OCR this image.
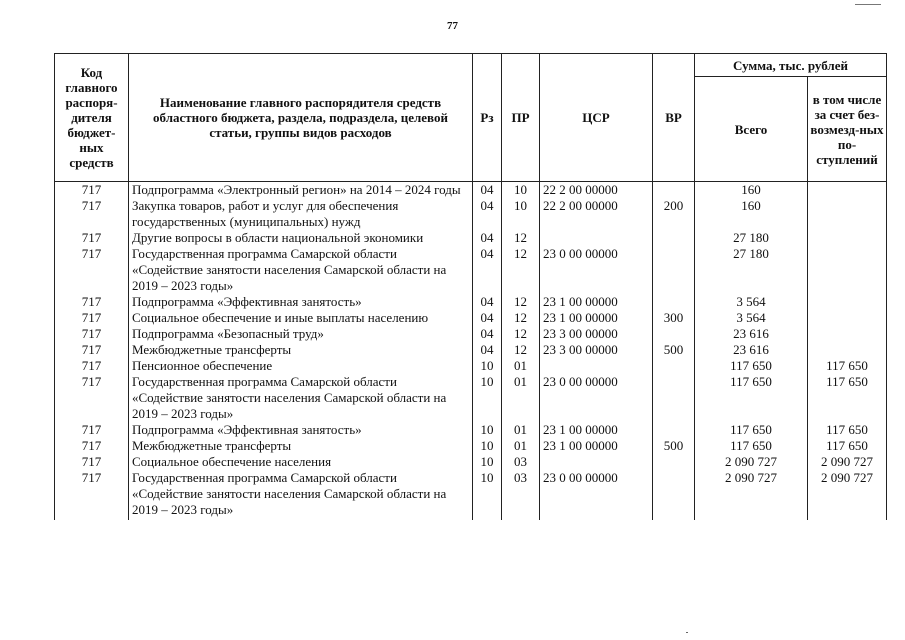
77
Код главного распоря-дителя бюджет-ных средств	Наименование главного распорядителя средств областного бюджета, раздела, подраздела, целевой статьи, группы видов расходов	Рз	ПР	ЦСР	ВР	Сумма, тыс. рублей	
						Всего	в том числе за счет без-возмезд-ных по-ступлений
717	Подпрограмма «Электронный регион» на 2014 – 2024 годы	04	10	22 2 00 00000		160	
717	Закупка товаров, работ и услуг для обеспечения государственных (муниципальных) нужд	04	10	22 2 00 00000	200	160	
717	Другие вопросы в области национальной экономики	04	12			27 180	
717	Государственная программа Самарской области «Содействие занятости населения Самарской области на 2019 – 2023 годы»	04	12	23 0 00 00000		27 180	
717	Подпрограмма «Эффективная занятость»	04	12	23 1 00 00000		3 564	
717	Социальное обеспечение и иные выплаты населению	04	12	23 1 00 00000	300	3 564	
717	Подпрограмма «Безопасный труд»	04	12	23 3 00 00000		23 616	
717	Межбюджетные трансферты	04	12	23 3 00 00000	500	23 616	
717	Пенсионное обеспечение	10	01			117 650	117 650
717	Государственная программа Самарской области «Содействие занятости населения Самарской области на 2019 – 2023 годы»	10	01	23 0 00 00000		117 650	117 650
717	Подпрограмма «Эффективная занятость»	10	01	23 1 00 00000		117 650	117 650
717	Межбюджетные трансферты	10	01	23 1 00 00000	500	117 650	117 650
717	Социальное обеспечение населения	10	03			2 090 727	2 090 727
717	Государственная программа Самарской области «Содействие занятости населения Самарской области на 2019 – 2023 годы»	10	03	23 0 00 00000		2 090 727	2 090 727
